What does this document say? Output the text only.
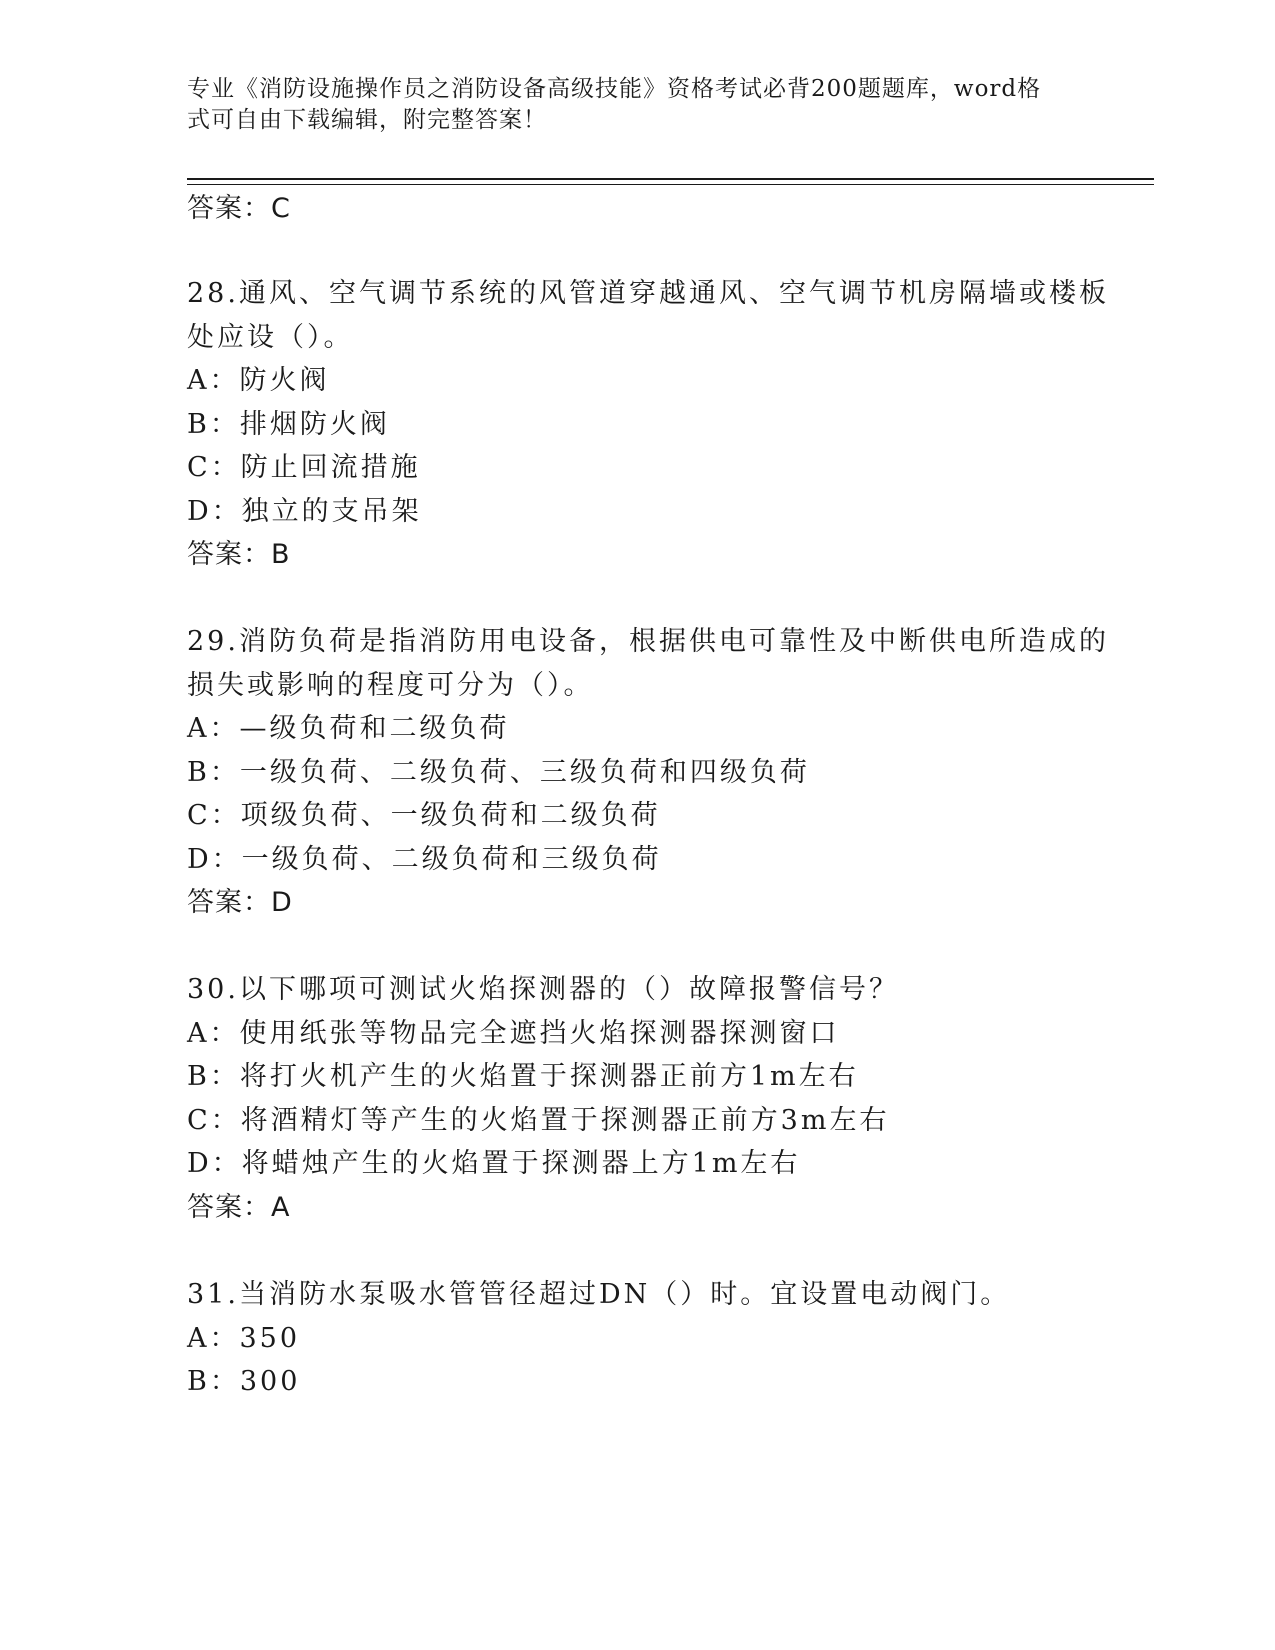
专业《消防设施操作员之消防设备高级技能》资格考试必背200题题库，word格
式可自由下载编辑，附完整答案！
答案：C
28.通风、空气调节系统的风管道穿越通风、空气调节机房隔墙或楼板
处应设（）。
A：防火阀
B：排烟防火阀
C：防止回流措施
D：独立的支吊架
答案：B
29.消防负荷是指消防用电设备，根据供电可靠性及中断供电所造成的
损失或影响的程度可分为（）。
A：—级负荷和二级负荷
B：一级负荷、二级负荷、三级负荷和四级负荷
C：项级负荷、一级负荷和二级负荷
D：一级负荷、二级负荷和三级负荷
答案：D
30.以下哪项可测试火焰探测器的（）故障报警信号？
A：使用纸张等物品完全遮挡火焰探测器探测窗口
B：将打火机产生的火焰置于探测器正前方1m左右
C：将酒精灯等产生的火焰置于探测器正前方3m左右
D：将蜡烛产生的火焰置于探测器上方1m左右
答案：A
31.当消防水泵吸水管管径超过DN（）时。宜设置电动阀门。
A：350
B：300
